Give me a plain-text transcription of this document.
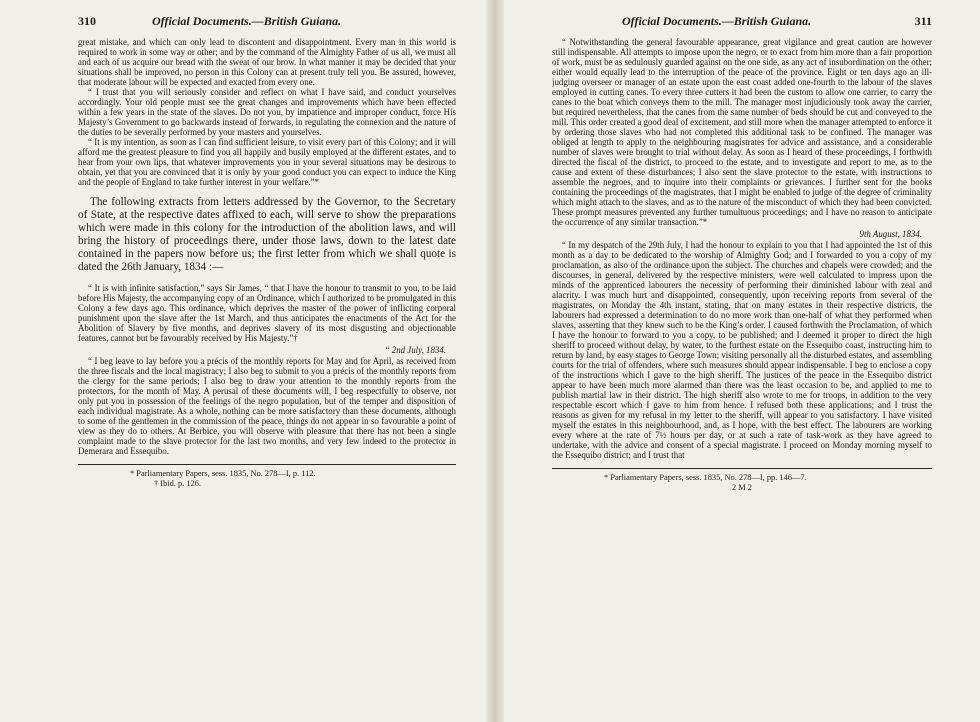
310	Official Documents.—British Guiana.

great mistake, and which can only lead to discontent and disappointment. Every man in this world is required to work in some way or other; and by the command of the Almighty Father of us all, we must all and each of us acquire our bread with the sweat of our brow. In what manner it may be decided that your situations shall be improved, no person in this Colony can at present truly tell you. Be assured, however, that moderate labour will be expected and exacted from every one.

“ I trust that you will seriously consider and reflect on what I have said, and conduct yourselves accordingly. Your old people must see the great changes and improvements which have been effected within a few years in the state of the slaves. Do not you, by impatience and improper conduct, force His Majesty’s Government to go backwards instead of forwards, in regulating the connexion and the nature of the duties to be severally performed by your masters and yourselves.

“ It is my intention, as soon as I can find sufficient leisure, to visit every part of this Colony; and it will afford me the greatest pleasure to find you all happily and busily employed at the different estates, and to hear from your own lips, that whatever improvements you in your several situations may be desirous to obtain, yet that you are convinced that it is only by your good conduct you can expect to induce the King and the people of England to take further interest in your welfare.”*

The following extracts from letters addressed by the Governor, to the Secretary of State, at the respective dates affixed to each, will serve to show the preparations which were made in this colony for the introduction of the abolition laws, and will bring the history of proceedings there, under those laws, down to the latest date contained in the papers now before us; the first letter from which we shall quote is dated the 26th January, 1834 :—

“ It is with infinite satisfaction,” says Sir James, “ that I have the honour to transmit to you, to be laid before His Majesty, the accompanying copy of an Ordinance, which I authorized to be promulgated in this Colony a few days ago. This ordinance, which deprives the master of the power of inflicting corporal punishment upon the slave after the 1st March, and thus anticipates the enactments of the Act for the Abolition of Slavery by five months, and deprives slavery of its most disgusting and objectionable features, cannot but be favourably received by His Majesty.”†

“ 2nd July, 1834.

“ I beg leave to lay before you a précis of the monthly reports for May and for April, as received from the three fiscals and the local magistracy; I also beg to submit to you a précis of the monthly reports from the clergy for the same periods; I also beg to draw your attention to the monthly reports from the protectors, for the month of May. A perusal of these documents will, I beg respectfully to observe, not only put you in possession of the feelings of the negro population, but of the temper and disposition of each individual magistrate. As a whole, nothing can be more satisfactory than these documents, although to some of the gentlemen in the commission of the peace, things do not appear in so favourable a point of view as they do to others. At Berbice, you will observe with pleasure that there has not been a single complaint made to the slave protector for the last two months, and very few indeed to the protector in Demerara and Essequibo.

* Parliamentary Papers, sess. 1835, No. 278—I, p. 112.

† Ibid. p. 126.

Official Documents.—British Guiana.	311

“ Notwithstanding the general favourable appearance, great vigilance and great caution are however still indispensable. All attempts to impose upon the negro, or to exact from him more than a fair proportion of work, must be as sedulously guarded against on the one side, as any act of insubordination on the other; either would equally lead to the interruption of the peace of the province. Eight or ten days ago an ill-judging overseer or manager of an estate upon the east coast added one-fourth to the labour of the slaves employed in cutting canes. To every three cutters it had been the custom to allow one carrier, to carry the canes to the boat which conveys them to the mill. The manager most injudiciously took away the carrier, but required nevertheless, that the canes from the same number of beds should be cut and conveyed to the mill. This order created a good deal of excitement, and still more when the manager attempted to enforce it by ordering those slaves who had not completed this additional task to be confined. The manager was obliged at length to apply to the neighbouring magistrates for advice and assistance, and a considerable number of slaves were brought to trial without delay. As soon as I heard of these proceedings, I forthwith directed the fiscal of the district, to proceed to the estate, and to investigate and report to me, as to the cause and extent of these disturbances; I also sent the slave protector to the estate, with instructions to assemble the negroes, and to inquire into their complaints or grievances. I further sent for the books containing the proceedings of the magistrates, that I might be enabled to judge of the degree of criminality which might attach to the slaves, and as to the nature of the misconduct of which they had been convicted. These prompt measures prevented any further tumultuous proceedings; and I have no reason to anticipate the occurrence of any similar transaction.”*

9th August, 1834.

“ In my despatch of the 29th July, I had the honour to explain to you that I had appointed the 1st of this month as a day to be dedicated to the worship of Almighty God; and I forwarded to you a copy of my proclamation, as also of the ordinance upon the subject. The churches and chapels were crowded; and the discourses, in general, delivered by the respective ministers, were well calculated to impress upon the minds of the apprenticed labourers the necessity of performing their diminished labour with zeal and alacrity. I was much hurt and disappointed, consequently, upon receiving reports from several of the magistrates, on Monday the 4th instant, stating, that on many estates in their respective districts, the labourers had expressed a determination to do no more work than one-half of what they performed when slaves, asserting that they knew such to be the King’s order. I caused forthwith the Proclamation, of which I have the honour to forward to you a copy, to be published; and I deemed it proper to direct the high sheriff to proceed without delay, by water, to the furthest estate on the Essequibo coast, instructing him to return by land, by easy stages to George Town; visiting personally all the disturbed estates, and assembling courts for the trial of offenders, where such measures should appear indispensable. I beg to enclose a copy of the instructions which I gave to the high sheriff. The justices of the peace in the Essequibo district appear to have been much more alarmed than there was the least occasion to be, and applied to me to publish martial law in their district. The high sheriff also wrote to me for troops, in addition to the very respectable escort which I gave to him from hence. I refused both these applications; and I trust the reasons as given for my refusal in my letter to the sheriff, will appear to you satisfactory. I have visited myself the estates in this neighbourhood, and, as I hope, with the best effect. The labourers are working every where at the rate of 7½ hours per day, or at such a rate of task-work as they have agreed to undertake, with the advice and consent of a special magistrate. I proceed on Monday morning myself to the Essequibo district; and I trust that

* Parliamentary Papers, sess. 1835, No. 278—I, pp. 146—7.

2 M 2
